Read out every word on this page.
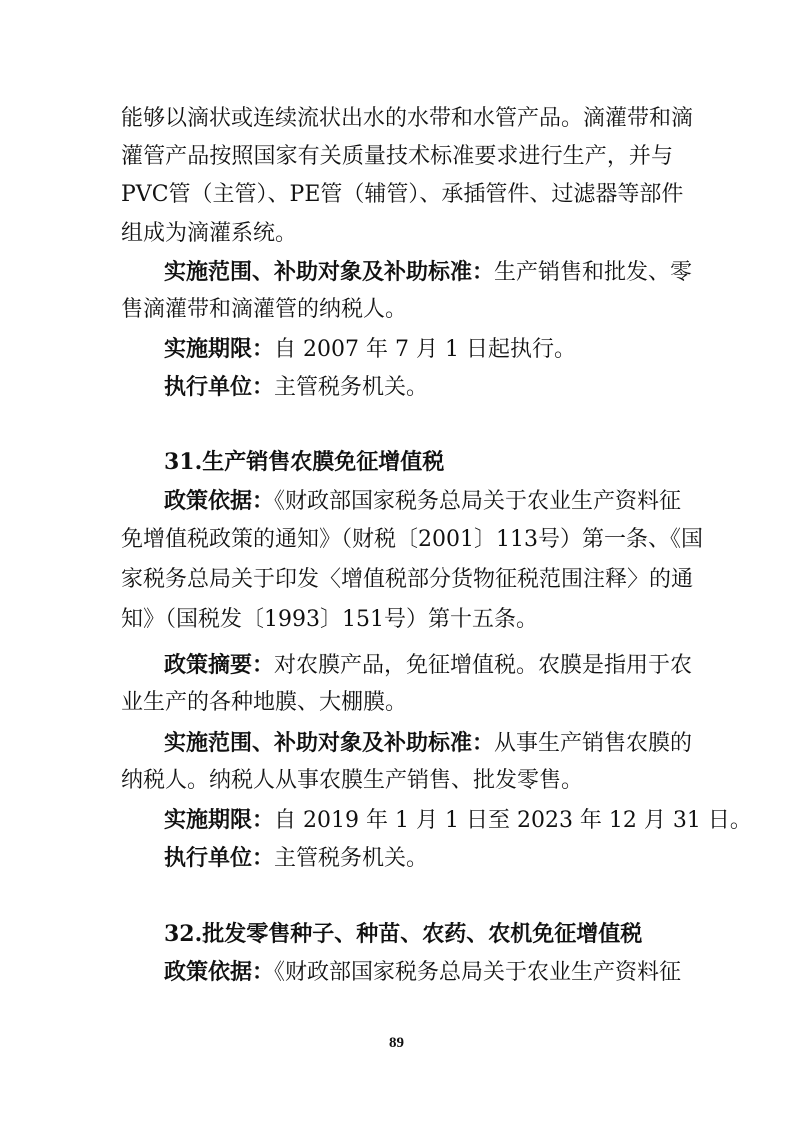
能够以滴状或连续流状出水的水带和水管产品。滴灌带和滴
灌管产品按照国家有关质量技术标准要求进行生产，并与
PVC管（主管）、PE管（辅管）、承插管件、过滤器等部件
组成为滴灌系统。
实施范围、补助对象及补助标准：生产销售和批发、零
售滴灌带和滴灌管的纳税人。
实施期限：自 2007 年 7 月 1 日起执行。
执行单位：主管税务机关。
31.生产销售农膜免征增值税
政策依据：《财政部国家税务总局关于农业生产资料征
免增值税政策的通知》（财税〔2001〕113号）第一条、《国
家税务总局关于印发〈增值税部分货物征税范围注释〉的通
知》（国税发〔1993〕151号）第十五条。
政策摘要：对农膜产品，免征增值税。农膜是指用于农
业生产的各种地膜、大棚膜。
实施范围、补助对象及补助标准：从事生产销售农膜的
纳税人。纳税人从事农膜生产销售、批发零售。
实施期限：自 2019 年 1 月 1 日至 2023 年 12 月 31 日。
执行单位：主管税务机关。
32.批发零售种子、种苗、农药、农机免征增值税
政策依据：《财政部国家税务总局关于农业生产资料征
89
